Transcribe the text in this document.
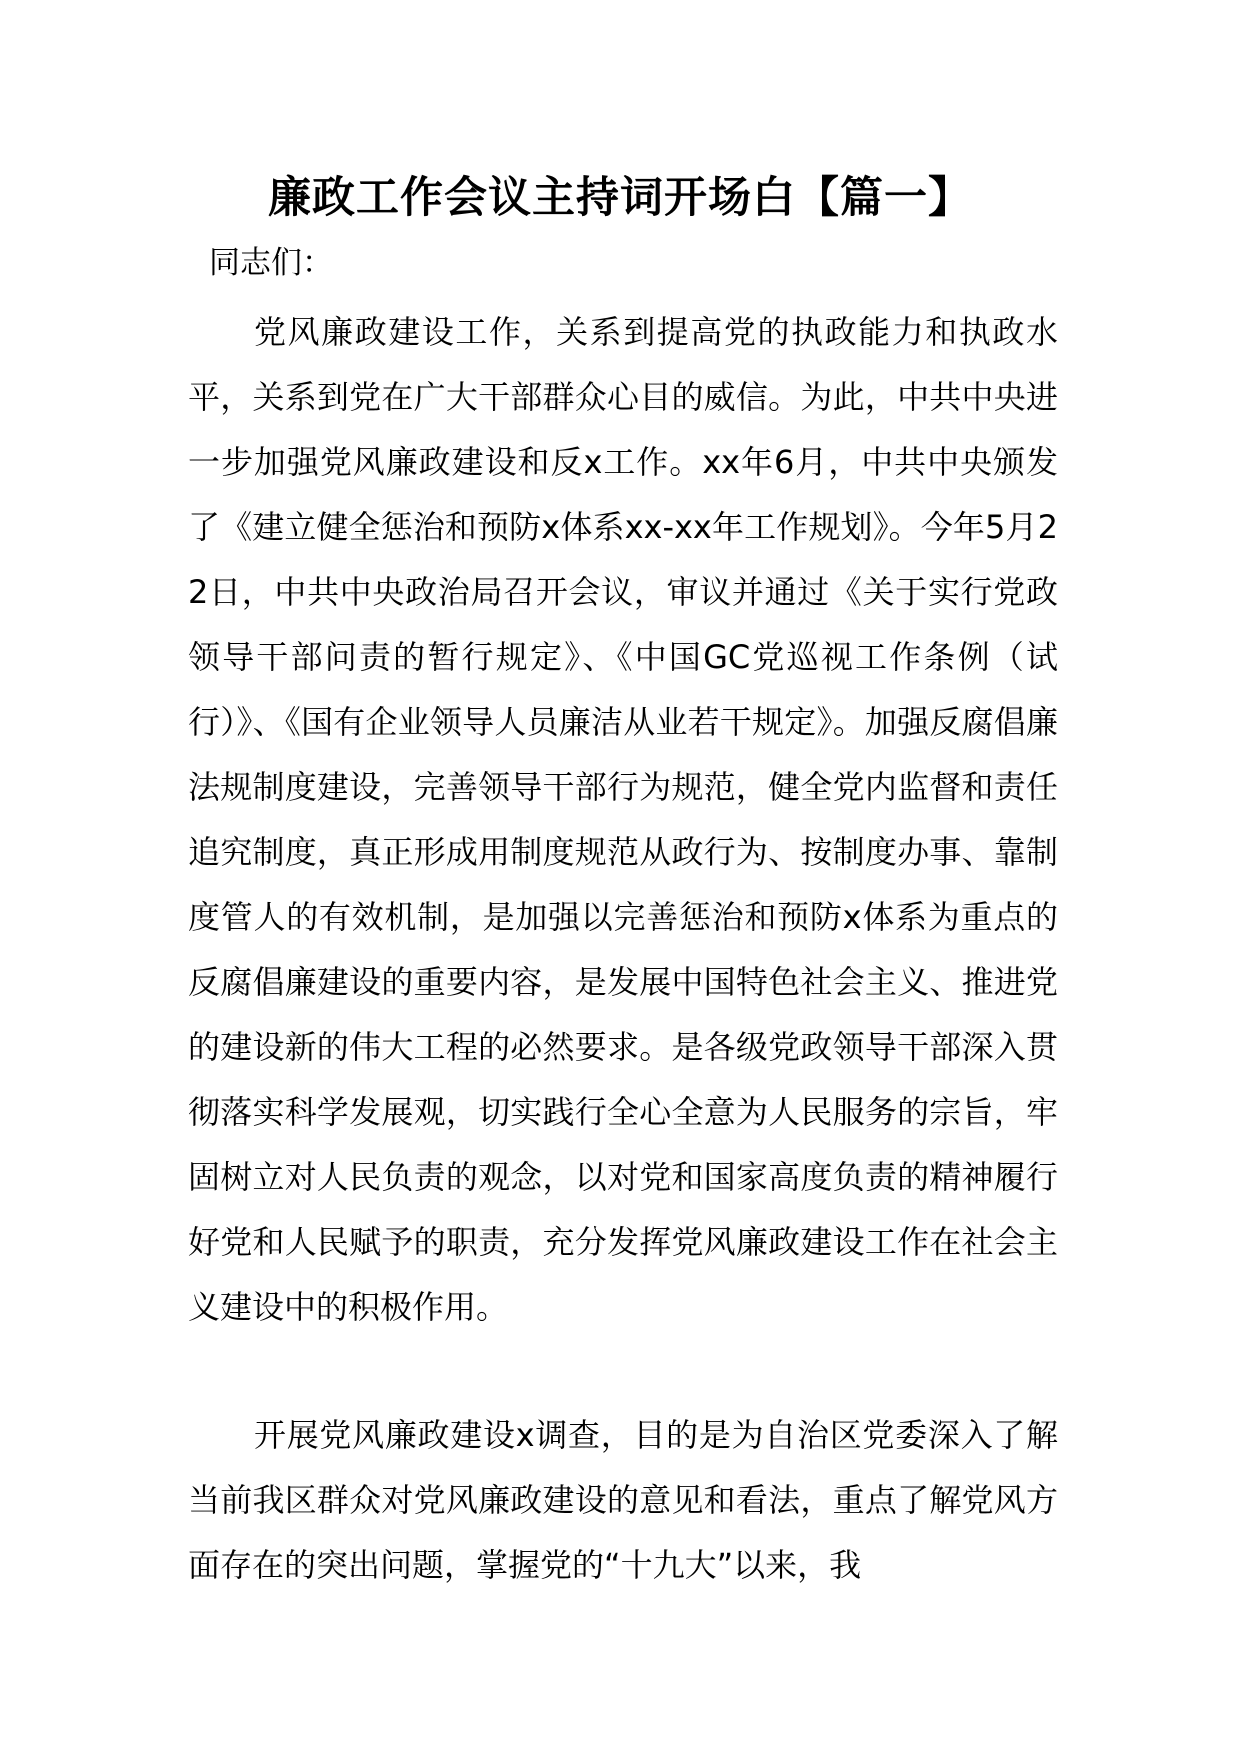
廉政工作会议主持词开场白【篇一】

同志们：

党风廉政建设工作，关系到提高党的执政能力和执政水平，关系到党在广大干部群众心目的威信。为此，中共中央进一步加强党风廉政建设和反x工作。xx年6月，中共中央颁发了《建立健全惩治和预防x体系xx-xx年工作规划》。今年5月22日，中共中央政治局召开会议，审议并通过《关于实行党政领导干部问责的暂行规定》、《中国GC党巡视工作条例（试行）》、《国有企业领导人员廉洁从业若干规定》。加强反腐倡廉法规制度建设，完善领导干部行为规范，健全党内监督和责任追究制度，真正形成用制度规范从政行为、按制度办事、靠制度管人的有效机制，是加强以完善惩治和预防x体系为重点的反腐倡廉建设的重要内容，是发展中国特色社会主义、推进党的建设新的伟大工程的必然要求。是各级党政领导干部深入贯彻落实科学发展观，切实践行全心全意为人民服务的宗旨，牢固树立对人民负责的观念，以对党和国家高度负责的精神履行好党和人民赋予的职责，充分发挥党风廉政建设工作在社会主义建设中的积极作用。

开展党风廉政建设x调查，目的是为自治区党委深入了解当前我区群众对党风廉政建设的意见和看法，重点了解党风方面存在的突出问题，掌握党的“十九大”以来，我
